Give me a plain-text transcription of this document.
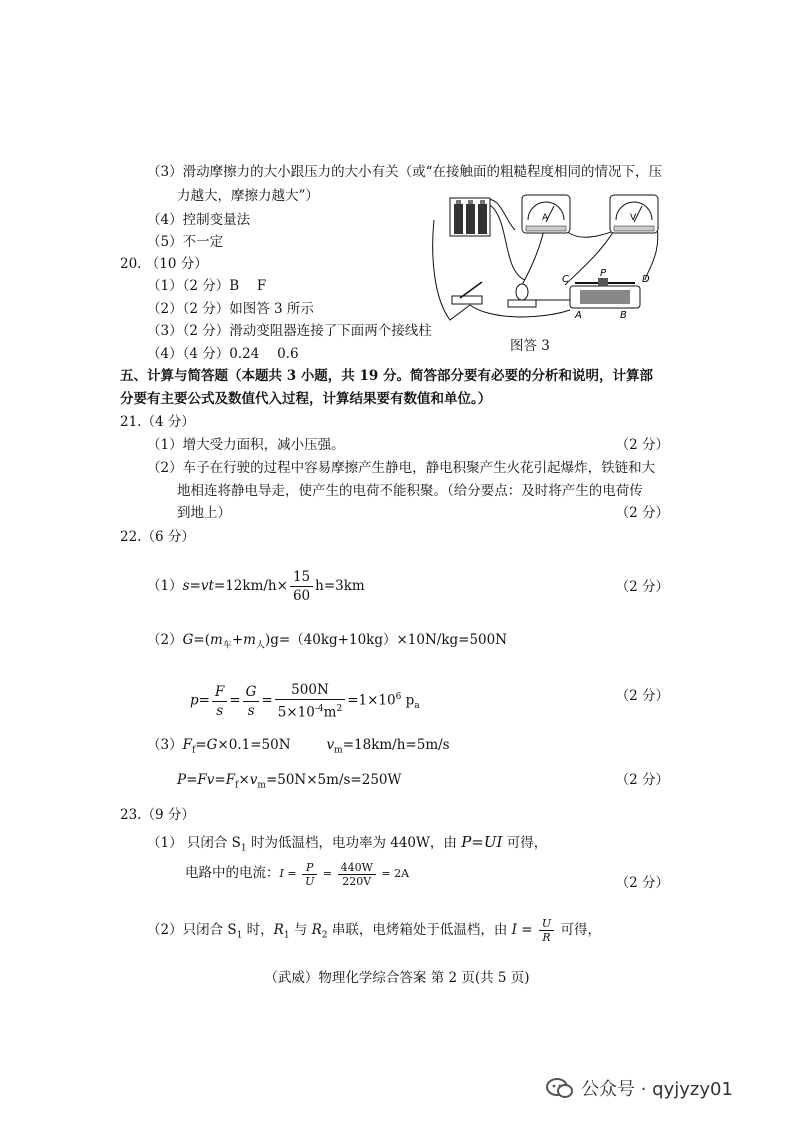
（3）滑动摩擦力的大小跟压力的大小有关（或“在接触面的粗糙程度相同的情况下，压
力越大，摩擦力越大”）
（4）控制变量法
（5）不一定
20. （10 分）
（1）（2 分）B　 F
（2）（2 分）如图答 3 所示
（3）（2 分）滑动变阻器连接了下面两个接线柱
（4）（4 分）0.24　 0.6
A	V
C
P
D
A	B
图答 3
五、计算与简答题（本题共 3 小题，共 19 分。简答部分要有必要的分析和说明，计算部
分要有主要公式及数值代入过程，计算结果要有数值和单位。）
21.（4 分）
（1）增大受力面积，减小压强。	（2 分）
（2）车子在行驶的过程中容易摩擦产生静电，静电积聚产生火花引起爆炸，铁链和大
地相连将静电导走，使产生的电荷不能积聚。（给分要点：及时将产生的电荷传
到地上）	（2 分）
22.（6 分）
$(1)s=vt=12km/h\times \frac{15}{60} h=3km$	（2 分）
$(2)G=(m_车+m_人)g=(40kg+10kg)\times 10N/kg=500N$
$p= \frac{F}{s} = \frac{G}{s} = \frac{500N}{5\times 10^{-4}m^2} =1\times 10^6$ $p_a$
（2 分）
$(3)F_f=G\times 0.1=50N$	$v_m=18km/h=5m/s$
$P=Fv=F_f\times v_m=50N\times 5m/s=250W$	（2 分）
23.（9 分）
（1） 只闭合 $S_1$ 时为低温档，电功率为 440W，由 P=UI 可得，
电路中的电流：$I = \frac{P}{U} = \frac{440W}{220V} = 2A$
（2 分）
（2）只闭合 $S_1$ 时，$R_1$ 与 $R_2$ 串联，电烤箱处于低温档，由 $I = \frac{U}{R}$ 可得，
（武威）物理化学综合答案 第 2 页(共 5 页)
公众号 · qyjyzy01
